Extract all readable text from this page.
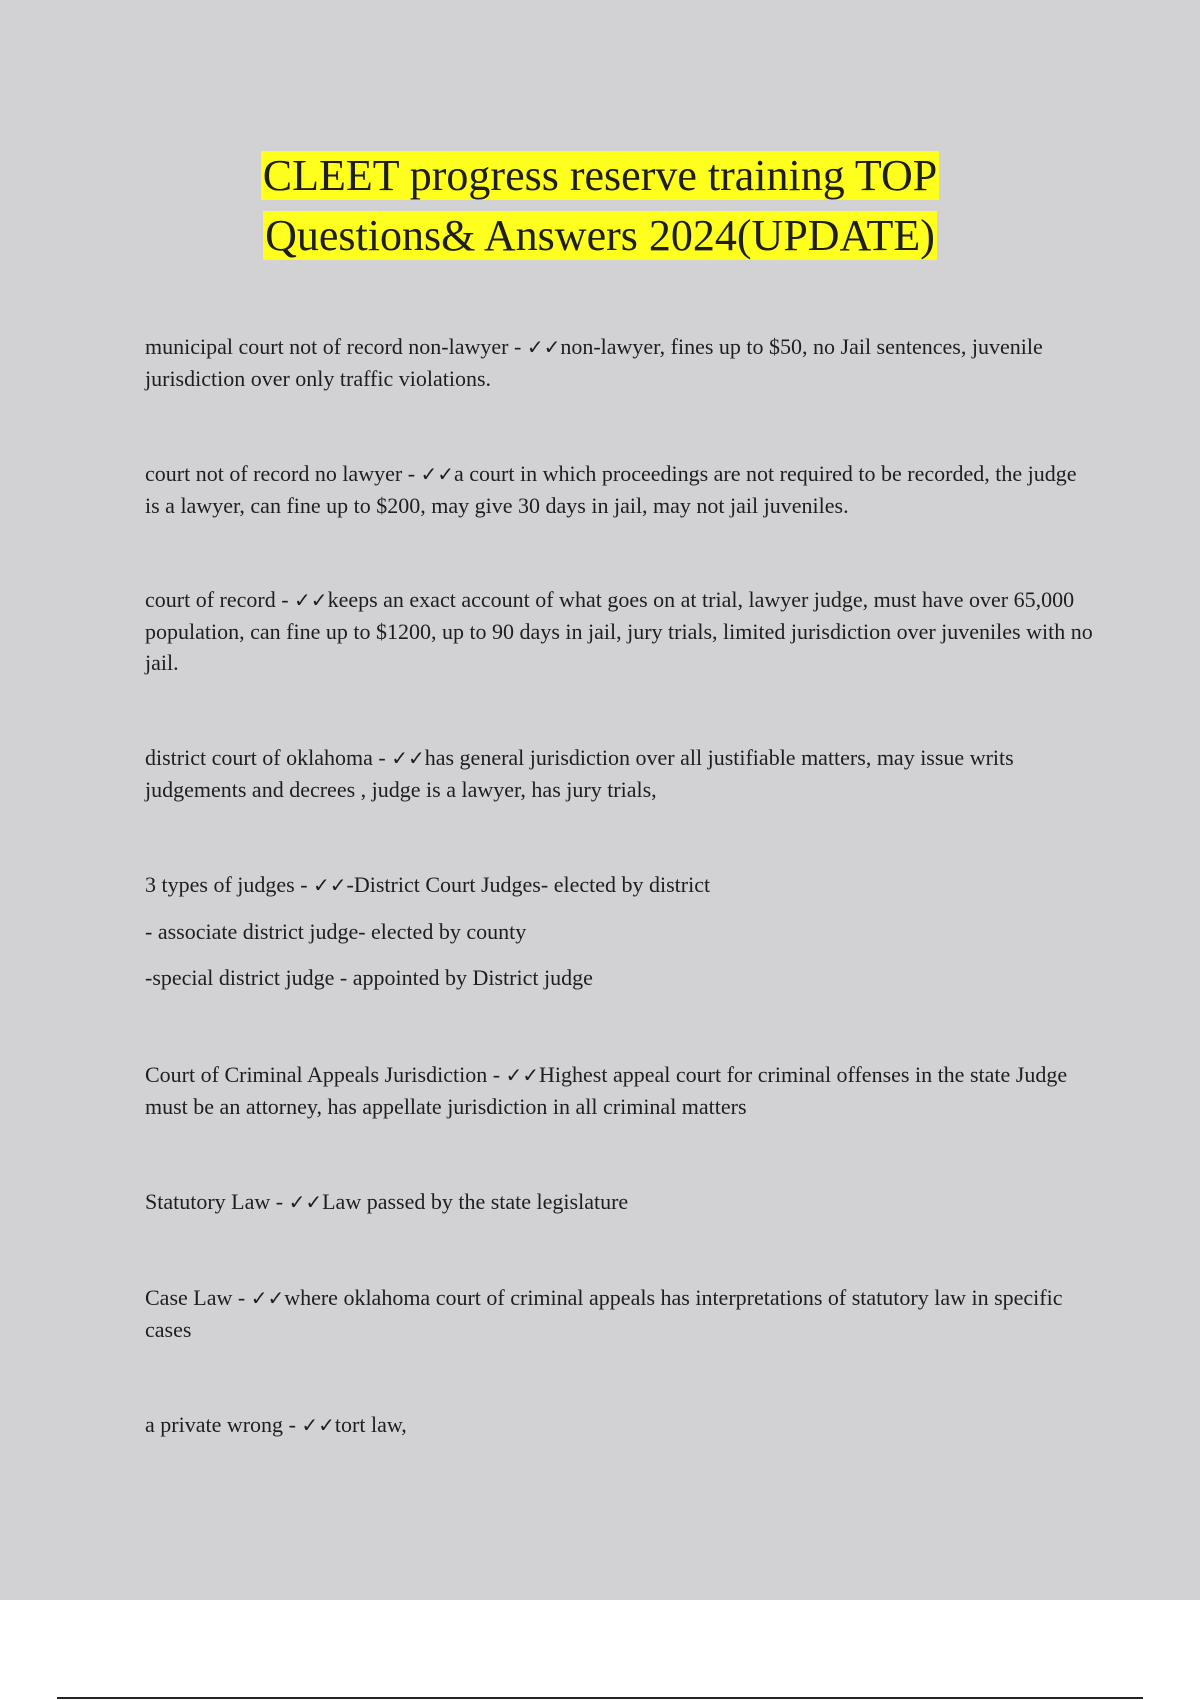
CLEET progress reserve training TOP
Questions& Answers 2024(UPDATE)

municipal court not of record non-lawyer - ✓✓non-lawyer, fines up to $50, no Jail sentences, juvenile jurisdiction over only traffic violations.

court not of record no lawyer - ✓✓a court in which proceedings are not required to be recorded, the judge is a lawyer, can fine up to $200, may give 30 days in jail, may not jail juveniles.

court of record - ✓✓keeps an exact account of what goes on at trial, lawyer judge, must have over 65,000 population, can fine up to $1200, up to 90 days in jail, jury trials, limited jurisdiction over juveniles with no jail.

district court of oklahoma - ✓✓has general jurisdiction over all justifiable matters, may issue writs judgements and decrees , judge is a lawyer, has jury trials,

3 types of judges - ✓✓-District Court Judges- elected by district

- associate district judge- elected by county

-special district judge - appointed by District judge

Court of Criminal Appeals Jurisdiction - ✓✓Highest appeal court for criminal offenses in the state Judge must be an attorney, has appellate jurisdiction in all criminal matters

Statutory Law - ✓✓Law passed by the state legislature

Case Law - ✓✓where oklahoma court of criminal appeals has interpretations of statutory law in specific cases

a private wrong - ✓✓tort law,
